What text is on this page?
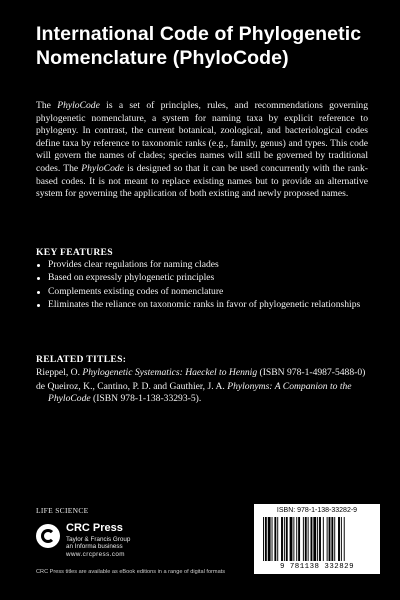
International Code of Phylogenetic
Nomenclature (PhyloCode)

The PhyloCode is a set of principles, rules, and recommendations governing phylogenetic nomenclature, a system for naming taxa by explicit reference to phylogeny. In contrast, the current botanical, zoological, and bacteriological codes define taxa by reference to taxonomic ranks (e.g., family, genus) and types. This code will govern the names of clades; species names will still be governed by traditional codes. The PhyloCode is designed so that it can be used concurrently with the rank-based codes. It is not meant to replace existing names but to provide an alternative system for governing the application of both existing and newly proposed names.

KEY FEATURES
Provides clear regulations for naming clades
Based on expressly phylogenetic principles
Complements existing codes of nomenclature
Eliminates the reliance on taxonomic ranks in favor of phylogenetic relationships
RELATED TITLES:
Rieppel, O. Phylogenetic Systematics: Haeckel to Hennig (ISBN 978-1-4987-5488-0)
de Queiroz, K., Cantino, P. D. and Gauthier, J. A. Phylonyms: A Companion to the
PhyloCode (ISBN 978-1-138-33293-5).
LIFE SCIENCE
CRC Press
Taylor & Francis Group
an Informa business
www.crcpress.com
CRC Press titles are available as eBook editions in a range of digital formats
ISBN: 978-1-138-33282-9
9 781138 332829
